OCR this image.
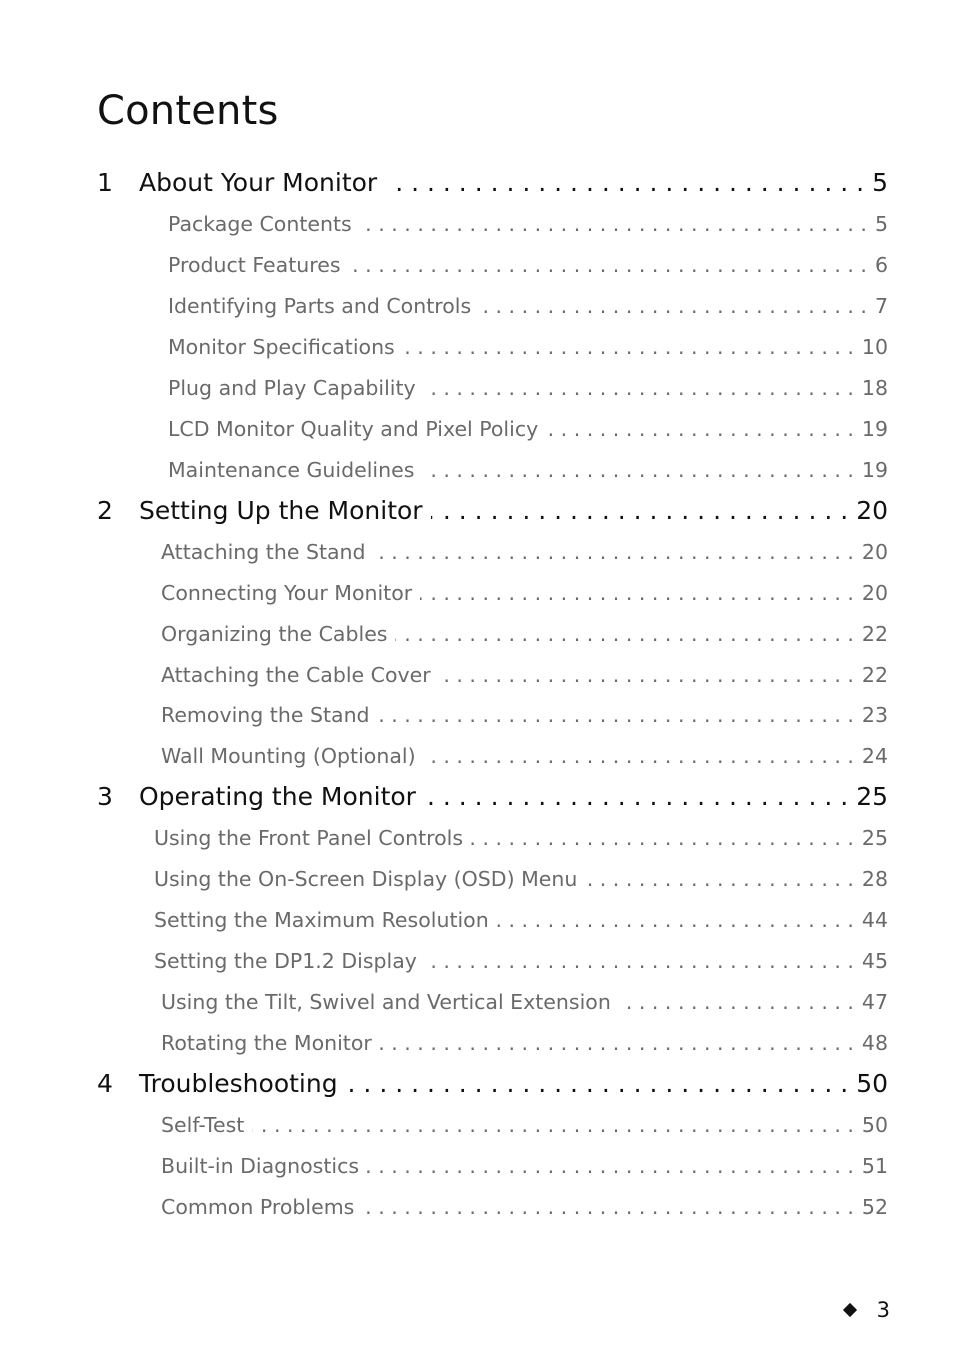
Contents
1	About Your Monitor . . .	5
Package Contents . . .	5
Product Features . . .	6
Identifying Parts and Controls . . .	7
Monitor Specifications . . .	10
Plug and Play Capability . . .	18
LCD Monitor Quality and Pixel Policy . . .	19
Maintenance Guidelines . . .	19
2	Setting Up the Monitor . . .	20
Attaching the Stand . . .	20
Connecting Your Monitor . . .	20
Organizing the Cables . . .	22
Attaching the Cable Cover . . .	22
Removing the Stand . . .	23
Wall Mounting (Optional) . . .	24
3	Operating the Monitor . . .	25
Using the Front Panel Controls . . .	25
Using the On-Screen Display (OSD) Menu . . .	28
Setting the Maximum Resolution . . .	44
Setting the DP1.2 Display . . .	45
Using the Tilt, Swivel and Vertical Extension . . .	47
Rotating the Monitor . . .	48
4	Troubleshooting . . .	50
Self-Test . . .	50
Built-in Diagnostics . . .	51
Common Problems . . .	52
3
